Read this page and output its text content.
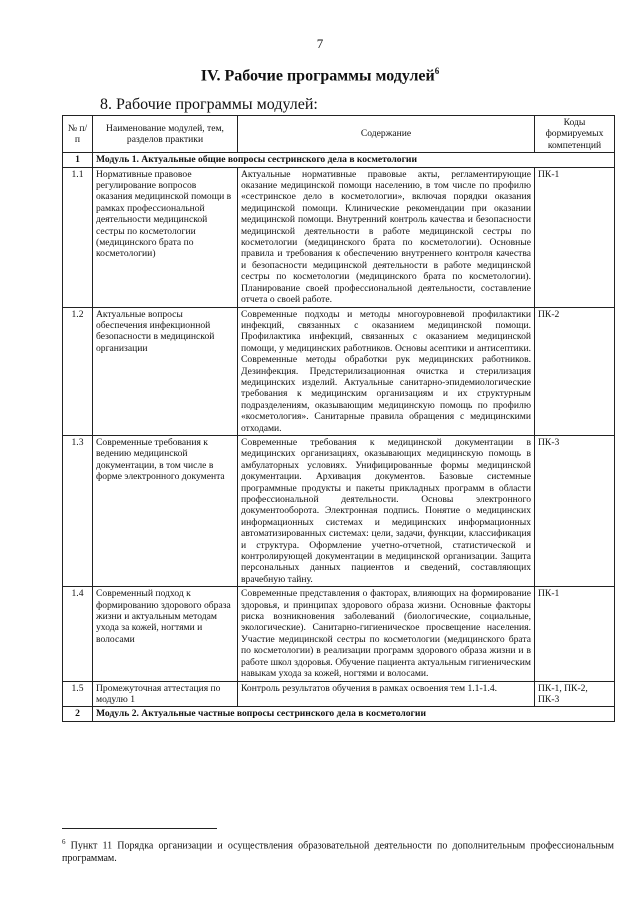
7
IV. Рабочие программы модулей$^6$
8. Рабочие программы модулей:
№ п/п	Наименование модулей, тем, разделов практики	Содержание	Коды формируемых компетенций
1	Модуль 1. Актуальные общие вопросы сестринского дела в косметологии		
1.1	Нормативные правовое регулирование вопросов оказания медицинской помощи в рамках профессиональной деятельности медицинской сестры по косметологии (медицинского брата по косметологии)	Актуальные нормативные правовые акты, регламентирующие оказание медицинской помощи населению, в том числе по профилю «сестринское дело в косметологии», включая порядки оказания медицинской помощи. Клинические рекомендации при оказании медицинской помощи. Внутренний контроль качества и безопасности медицинской деятельности в работе медицинской сестры по косметологии (медицинского брата по косметологии). Основные правила и требования к обеспечению внутреннего контроля качества и безопасности медицинской деятельности в работе медицинской сестры по косметологии (медицинского брата по косметологии). Планирование своей профессиональной деятельности, составление отчета о своей работе.	ПК-1
1.2	Актуальные вопросы обеспечения инфекционной безопасности в медицинской организации	Современные подходы и методы многоуровневой профилактики инфекций, связанных с оказанием медицинской помощи. Профилактика инфекций, связанных с оказанием медицинской помощи, у медицинских работников. Основы асептики и антисептики. Современные методы обработки рук медицинских работников. Дезинфекция. Предстерилизационная очистка и стерилизация медицинских изделий. Актуальные санитарно-эпидемиологические требования к медицинским организациям и их структурным подразделениям, оказывающим медицинскую помощь по профилю «косметология». Санитарные правила обращения с медицинскими отходами.	ПК-2
1.3	Современные требования к ведению медицинской документации, в том числе в форме электронного документа	Современные требования к медицинской документации в медицинских организациях, оказывающих медицинскую помощь в амбулаторных условиях. Унифицированные формы медицинской документации. Архивация документов. Базовые системные программные продукты и пакеты прикладных программ в области профессиональной деятельности. Основы электронного документооборота. Электронная подпись. Понятие о медицинских информационных системах и медицинских информационных автоматизированных системах: цели, задачи, функции, классификация и структура. Оформление учетно-отчетной, статистической и контролирующей документации в медицинской организации. Защита персональных данных пациентов и сведений, составляющих врачебную тайну.	ПК-3
1.4	Современный подход к формированию здорового образа жизни и актуальным методам ухода за кожей, ногтями и волосами	Современные представления о факторах, влияющих на формирование здоровья, и принципах здорового образа жизни. Основные факторы риска возникновения заболеваний (биологические, социальные, экологические). Санитарно-гигиеническое просвещение населения. Участие медицинской сестры по косметологии (медицинского брата по косметологии) в реализации программ здорового образа жизни и в работе школ здоровья. Обучение пациента актуальным гигиеническим навыкам ухода за кожей, ногтями и волосами.	ПК-1
1.5	Промежуточная аттестация по модулю 1	Контроль результатов обучения в рамках освоения тем 1.1-1.4.	ПК-1, ПК-2, ПК-3
2	Модуль 2. Актуальные частные вопросы сестринского дела в косметологии		
$^6$ Пункт 11 Порядка организации и осуществления образовательной деятельности по дополнительным профессиональным программам.
